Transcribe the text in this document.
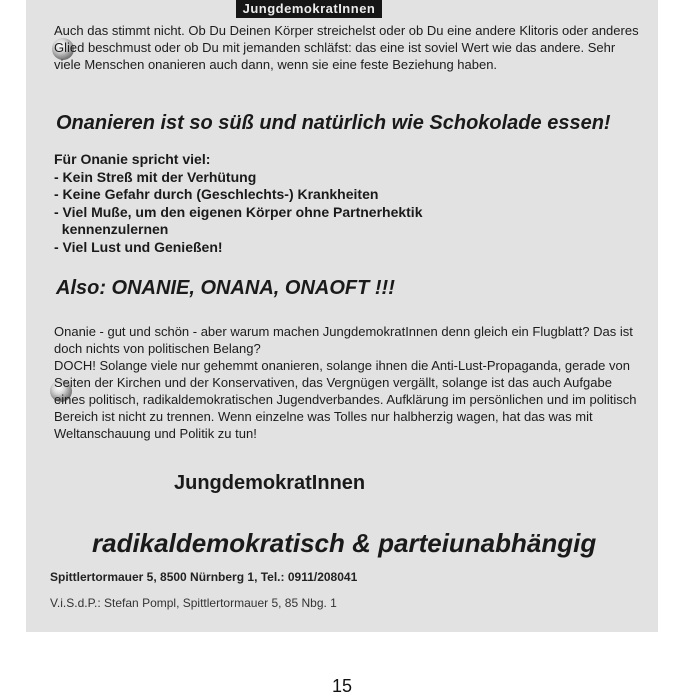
JungdemokratInnen
Auch das stimmt nicht. Ob Du Deinen Körper streichelst oder ob Du eine andere Klitoris oder anderes Glied beschmust oder ob Du mit jemanden schläfst: das eine ist soviel Wert wie das andere. Sehr viele Menschen onanieren auch dann, wenn sie eine feste Beziehung haben.
Onanieren ist so süß und natürlich wie Schokolade essen!
Für Onanie spricht viel:
- Kein Streß mit der Verhütung
- Keine Gefahr durch (Geschlechts-) Krankheiten
- Viel Muße, um den eigenen Körper ohne Partnerhektik
kennenzulernen
- Viel Lust und Genießen!
Also: ONANIE, ONANA, ONAOFT !!!
Onanie - gut und schön - aber warum machen JungdemokratInnen denn gleich ein Flugblatt? Das ist doch nichts von politischen Belang?
DOCH! Solange viele nur gehemmt onanieren, solange ihnen die Anti-Lust-Propaganda, gerade von Seiten der Kirchen und der Konservativen, das Vergnügen vergällt, solange ist das auch Aufgabe eines politisch, radikaldemokratischen Jugendverbandes. Aufklärung im persönlichen und im politisch Bereich ist nicht zu trennen. Wenn einzelne was Tolles nur halbherzig wagen, hat das was mit Weltanschauung und Politik zu tun!
JungdemokratInnen
radikaldemokratisch & parteiunabhängig
Spittlertormauer 5, 8500 Nürnberg 1, Tel.: 0911/208041
V.i.S.d.P.: Stefan Pompl, Spittlertormauer 5, 85 Nbg. 1
15
